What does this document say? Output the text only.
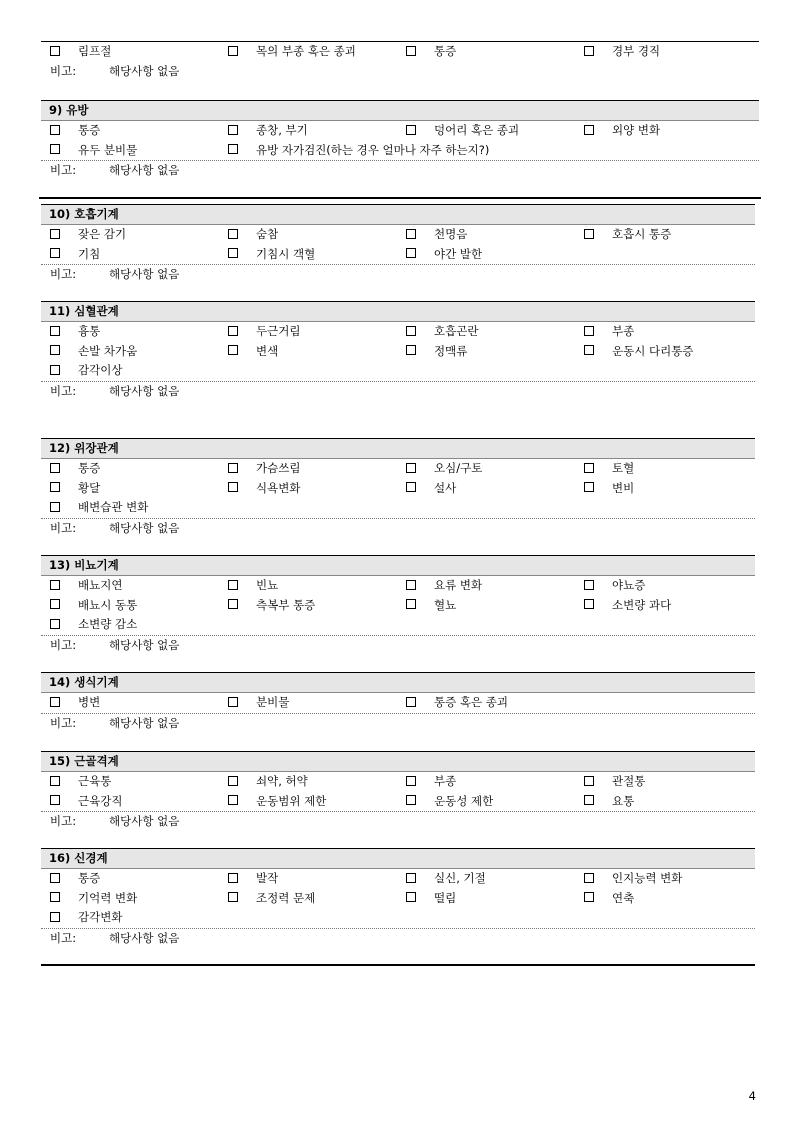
림프절	목의 부종 혹은 종괴	통증	경부 경직
비고:	해당사항 없음
9) 유방
통증	종창, 부기	덩어리 혹은 종괴	외양 변화
유두 분비물	유방 자가검진(하는 경우 얼마나 자주 하는지?)
비고:	해당사항 없음
10) 호흡기계
잦은 감기	숨참	천명음	호흡시 통증
기침	기침시 객혈	야간 발한
비고:	해당사항 없음
11) 심혈관계
흉통	두근거림	호흡곤란	부종
손발 차가움	변색	정맥류	운동시 다리통증
감각이상
비고:	해당사항 없음
12) 위장관계
통증	가슴쓰림	오심/구토	토혈
황달	식욕변화	설사	변비
배변습관 변화
비고:	해당사항 없음
13) 비뇨기계
배뇨지연	빈뇨	요류 변화	야뇨증
배뇨시 동통	측복부 통증	혈뇨	소변량 과다
소변량 감소
비고:	해당사항 없음
14) 생식기계
병변	분비물	통증 혹은 종괴
비고:	해당사항 없음
15) 근골격계
근육통	쇠약, 허약	부종	관절통
근육강직	운동범위 제한	운동성 제한	요통
비고:	해당사항 없음
16) 신경계
통증	발작	실신, 기절	인지능력 변화
기억력 변화	조정력 문제	떨림	연축
감각변화
비고:	해당사항 없음
4
